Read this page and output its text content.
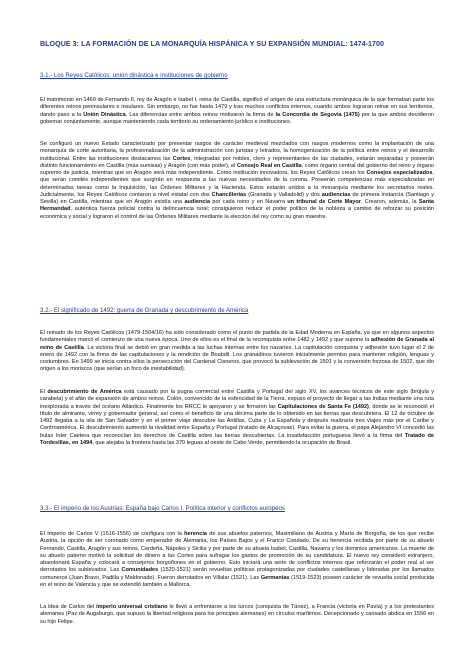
BLOQUE 3: LA FORMACIÓN DE LA MONARQUÍA HISPÁNICA Y SU EXPANSIÓN MUNDIAL: 1474-1700
3.1.- Los Reyes Católicos: unión dinástica e instituciones de gobierno

El matrimonio en 1469 de Fernando II, rey de Aragón e Isabel I, reina de Castilla, significó el origen de una estructura monárquica de la que formaban parte los diferentes reinos peninsulares e insulares. Sin embargo, no fue hasta 1479 y tras muchos conflictos internos, cuando ambos lograran reinar en sus territorios, dando paso a la Unión Dinástica. Las diferencias entre ambos reinos motivaron la firma de la Concordia de Segovia (1475) por la que ambos decidieron gobernar conjuntamente, aunque manteniendo cada territorio su ordenamiento jurídico e instituciones.

Se configuró un nuevo Estado caracterizado por presentar rasgos de carácter medieval mezclados con rasgos modernos como la implantación de una monarquía de corte autoritaria, la profesionalización de la administración con juristas y letrados, la homogenización de la política entre reinos y el desarrollo institucional. Entre las instituciones destacamos las Cortes, integradas por nobles, clero y representantes de las ciudades, estarán separadas y poseerán distinto funcionamiento en Castilla (más sumisas) y Aragón (con más poder), el Consejo Real en Castilla, como órgano central del gobierno del reino y órgano supremo de justicia, mientras que en Aragón será más independiente. Como institución innovadora, los Reyes Católicos crean los Consejos especializados, que serán comités independientes que surgirán en respuesta a las nuevas necesidades de la corona. Poseerán competencias más especializadas en determinadas tareas como la Inquisición, las Órdenes Militares y la Hacienda. Estos estarán unidos a la monarquía mediante los secretarios reales. Judicialmente, los Reyes Católicos contaron a nivel estatal con dos Chancillerías (Granada y Valladolid) y dos audiencias de primera instancia (Santiago y Sevilla) en Castilla, mientras que en Aragón existía una audiencia por cada reino y en Navarra un tribunal de Corte Mayor. Crearon, además, la Santa Hermandad, auténtica fuerza policial contra la delincuencia rural; consiguieron reducir el poder político de la nobleza a cambio de reforzar su posición económica y social y lograron el control de las Órdenes Militares mediante la elección del rey como su gran maestre.

3.2.- El significado de 1492: guerra de Granada y descubrimiento de América

El reinado de los Reyes Católicos (1479-1504/16) ha sido considerado como el punto de partida de la Edad Moderna en España, ya que en algunos aspectos fundamentales marcó el comienzo de una nueva época. Uno de ellos es el final de la reconquista entre 1482 y 1492 y que supone la adhesión de Granada al reino de Castilla. La victoria final se debió en gran medida a las luchas internas entre los nazaríes. La capitulación conquista y adhesión tuvo lugar el 2 de enero de 1492 con la firma de las capitulaciones y la rendición de Boabdil. Los granadinos tuvieron inicialmente permiso para mantener religión, lenguas y costumbres. En 1499 se inicia contra ellos la persecución del Cardenal Cisneros, que provocó la sublevación de 1501 y la conversión forzosa de 1502, que dio origen a los moriscos (que serían un foco de inestabilidad).

El descubrimiento de América está causado por la pugna comercial entre Castilla y Portugal del siglo XV, los avances técnicos de este siglo (brújula y carabela) y el afán de expansión de ambos reinos. Colón, convencido de la esfericidad de la Tierra, expuso el proyecto de llegar a las Indias mediante una ruta inexplorada a través del océano Atlántico. Finalmente los RRCC le apoyaron y se firmaron las Capitulaciones de Santa Fe (1492), donde se le reconoció el título de almirante, virrey y gobernador general, así como el beneficio de una décima parte de lo obtenido en las tierras que descubriera. El 12 de octubre de 1492 llegaba a la isla de San Salvador y en el primer viaje descubre las Antillas, Cuba y La Española y después realizaría tres viajes más por el Caribe y Centroamérica. El descubrimiento aumentó la rivalidad entre España y Portugal (tratado de Alcaçovas). Para evitar la guerra, el papa Alejandro VI concedió las bulas Inter Caetera que reconocían los derechos de Castilla sobre las tierras descubiertas. La insatisfacción portuguesa llevó a la firma del Tratado de Tordesillas, en 1494, que alejaba la frontera hasta las 370 leguas al oeste de Cabo Verde, permitiendo la ocupación de Brasil.

3.3.- El imperio de los Austrias: España bajo Carlos I. Política interior y conflictos europeos

El Imperio de Carlos V (1516-1556) se configura con la herencia de sus abuelos paternos, Maximiliano de Austria y María de Borgoña, de los que recibe Austria, la opción de ser coronado como emperador de Alemania, los Países Bajos y el Franco Condado. De su herencia recibida por parte de su abuelo Fernando, Castilla, Aragón y sus reinos, Cerdeña, Nápoles y Sicilia y por parte de su abuela Isabel, Castilla, Navarra y los dominios americanos. La muerte de su abuelo paterno motivó la solicitud de dinero a las Cortes para sufragar los gastos de promoción de su candidatura. El nuevo rey consideró extranjero, abandonará España y colocará a consejeros borgoñones en el gobierno. Esto iniciará una serie de conflictos internos que reforzarán el poder real al ser derrotados los sublevados. Las Comunidades (1520-1521) serán revueltas políticas protagonizadas por ciudades castellanas y lideradas por los llamados comuneros (Juan Bravo, Padilla y Maldonado). Fueron derrotados en Villalar (1521). Las Germanías (1519-1523) poseen carácter de revuelta social producida en el reino de Valencia y que se extendió también a Mallorca.

La idea de Carlos del imperio universal cristiano le llevó a enfrentarse a los turcos (conquista de Túnez), a Francia (victoria en Pavía) y a los protestantes alemanes (Paz de Augsburgo, que supuso la libertad religiosa para los príncipes alemanes) en círculos marítimos. Decepcionado y cansado abdica en 1556 en su hijo Felipe.
